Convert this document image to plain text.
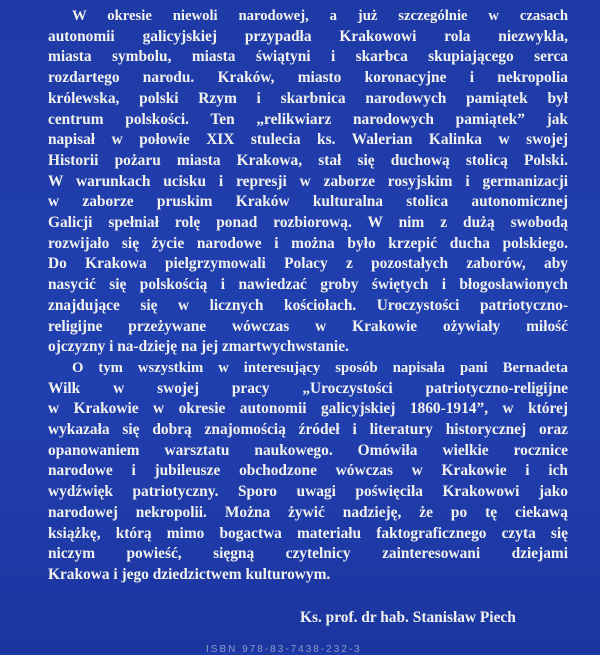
W okresie niewoli narodowej, a już szczególnie w czasach
autonomii galicyjskiej przypadła Krakowowi rola niezwykła,
miasta symbolu, miasta świątyni i skarbca skupiającego serca
rozdartego narodu. Kraków, miasto koronacyjne i nekropolia
królewska, polski Rzym i skarbnica narodowych pamiątek był
centrum polskości. Ten „relikwiarz narodowych pamiątek” jak
napisał w połowie XIX stulecia ks. Walerian Kalinka w swojej
Historii pożaru miasta Krakowa, stał się duchową stolicą Polski.
W warunkach ucisku i represji w zaborze rosyjskim i germanizacji
w zaborze pruskim Kraków kulturalna stolica autonomicznej
Galicji spełniał rolę ponad rozbiorową. W nim z dużą swobodą
rozwijało się życie narodowe i można było krzepić ducha polskiego.
Do Krakowa pielgrzymowali Polacy z pozostałych zaborów, aby
nasycić się polskością i nawiedzać groby świętych i błogosławionych
znajdujące się w licznych kościołach. Uroczystości patriotyczno-
religijne przeżywane wówczas w Krakowie ożywiały miłość
ojczyzny i na-dzieję na jej zmartwychwstanie.
O tym wszystkim w interesujący sposób napisała pani Bernadeta
Wilk w swojej pracy „Uroczystości patriotyczno-religijne
w Krakowie w okresie autonomii galicyjskiej 1860-1914”, w której
wykazała się dobrą znajomością źródeł i literatury historycznej oraz
opanowaniem warsztatu naukowego. Omówiła wielkie rocznice
narodowe i jubileusze obchodzone wówczas w Krakowie i ich
wydźwięk patriotyczny. Sporo uwagi poświęciła Krakowowi jako
narodowej nekropolii. Można żywić nadzieję, że po tę ciekawą
książkę, którą mimo bogactwa materiału faktograficznego czyta się
niczym powieść, sięgną czytelnicy zainteresowani dziejami
Krakowa i jego dziedzictwem kulturowym.
Ks. prof. dr hab. Stanisław Piech
ISBN 978-83-7438-232-3
